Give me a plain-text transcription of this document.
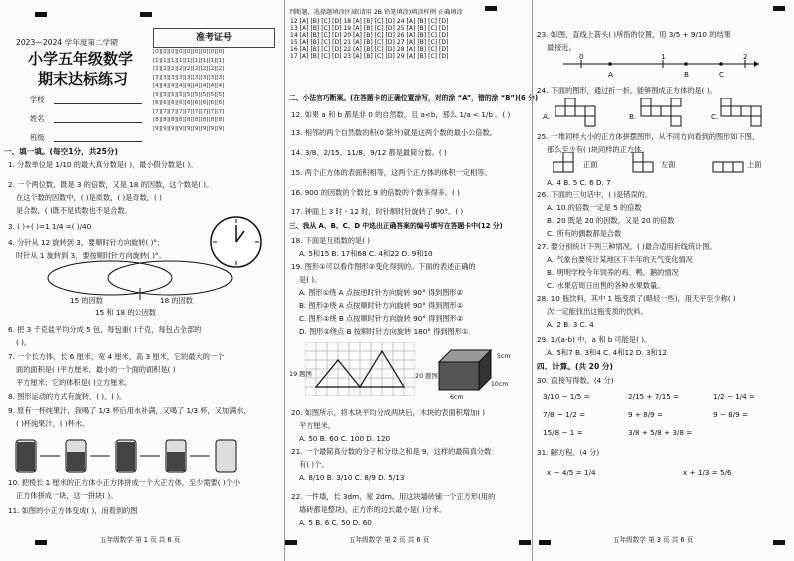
2023—2024 学年度第二学期
小学五年级数学
期末达标练习
学校
姓名
班级
准考证号
[0][0][0][0][0][0][0][0][0]
[1][1][1][1][1][1][1][1][1]
[2][2][2][2][2][2][2][2][2]
[3][3][3][3][3][3][3][3][3]
[4][4][4][4][4][4][4][4][4]
[5][5][5][5][5][5][5][5][5]
[6][6][6][6][6][6][6][6][6]
[7][7][7][7][7][7][7][7][7]
[8][8][8][8][8][8][8][8][8]
[9][9][9][9][9][9][9][9][9]
一、填一填。(每空1分，共25分)
1. 分数单位是 1/10 的最大真分数是( )，最小假分数是( )。
2. 一个两位数，既是 3 的倍数，又是 18 的因数，这个数是( )。
在这个数的因数中，( )是质数，( )是奇数，( )
是合数，( )既不是质数也不是合数。
3. ( )÷( )=1 1/4 =( )/40
4. 分针从 12 旋转到 3，要顺时针方向旋转( )°；
时针从 1 旋转到 3，要按顺时针方向旋转( )°。
15 的因数	18 的因数
15 和 18 的公因数
6. 把 3 千克盐平均分成 5 包，每包重( )千克，每包占全部的
( )。
7. 一个长方体，长 6 厘米，宽 4 厘米，高 3 厘米，它的最大的一个
面的面积是( )平方厘米，最小的一个面的面积是( )
平方厘米；它的体积是( )立方厘米。
8. 图形运动的方式有旋转、( )、( )。
9. 原有一杯纯果汁，我喝了 1/3 杯后用水补满，又喝了 1/3 杯，又加满水，
( )杯纯果汁，( )杯水。
10. 把棱长 1 厘米的正方体小正方体拼成一个大正方体，至少需要( )个小
正方体拼成一块，这一拼块( )。
11. 如图的小正方体变成( )，而看到的图
五年级数学 第 1 页 共 6 页
判断题，选择题填涂区域(请用 2B 铅笔填涂)填涂样例 正确填涂
12	[A]	[B]	[C]	[D]	18	[A]	[B]	[C]	[D]	24	[A]	[B]	[C]	[D]
13	[A]	[B]	[C]	[D]	19	[A]	[B]	[C]	[D]	25	[A]	[B]	[C]	[D]
14	[A]	[B]	[C]	[D]	20	[A]	[B]	[C]	[D]	26	[A]	[B]	[C]	[D]
15	[A]	[B]	[C]	[D]	21	[A]	[B]	[C]	[D]	27	[A]	[B]	[C]	[D]
16	[A]	[B]	[C]	[D]	22	[A]	[B]	[C]	[D]	28	[A]	[B]	[C]	[D]
17	[A]	[B]	[C]	[D]	23	[A]	[B]	[C]	[D]	29	[A]	[B]	[C]	[D]
二、小法官巧断案。(在答题卡的正确位置涂写，对的涂 “A”，错的涂 “B”)(6 分)
12. 如果 a 和 b 都是非 0 的自然数，且 a<b，那么 1/a < 1/b 。( )
13. 相邻的两个自然数的积(0 除外)就是这两个数的最小公倍数。
14. 3/8、2/15、11/8、9/12 都是最简分数。( )
15. 两个正方体的表面积相等，这两个正方体的体积一定相等。
16. 900 的因数的个数比 9 的倍数的个数多得多。( )
17. 钟面上 3 时 - 12 时，时针顺时针旋转了 90°。( )
三、我从 A、B、C、D 中选出正确答案的编号填写在答题卡中(12 分)
18. 下面是互质数的是( )
A. 5和15 B. 17和68 C. 4和22 D. 9和10
19. 图形①可以看作图形②变化得到的。下面的表述正确的
是( )。
A. 图形①绕 A 点按逆时针方向旋转 90° 得到图形②
B. 图形②绕 A 点按顺时针方向旋转 90° 得到图形①
C. 图形①绕 B 点按顺时针方向旋转 90° 得到图形②
D. 图形②绕点 B 按顺时针方向旋转 180° 得到图形①
19 题图	20 题图
5cm
6cm
10cm
20. 如图所示，将木块平均分成两块后，木块的表面积增加( )
平方厘米。
A. 50 B. 60 C. 100 D. 120
21. 一个最简真分数的分子和分母之和是 9，这样的最简真分数
有( )个。
A. 8/10 B. 3/10 C. 8/9 D. 5/13
22. 一件墙，长 3dm，宽 2dm。用这块墙砖铺一个正方形(用的
墙砖都是整块)，正方形的边长最小是( )分米。
A. 5 B. 6 C. 50 D. 60
五年级数学 第 2 页 共 6 页
23. 如图，直线上箭头( )所指的位置，用 3/5 + 9/10 的结果
最接近。
0
A
1
B	C
2
24. 下面的图形，通过折一折，能够围成正方体的是( )。
A.	B.	C.
25. 一堆同样大小的正方体拼摆图形，从不同方向看到的图形如下图，
那么至少有( )块同样的正方体。
正面	左面	上面
A. 4 B. 5 C. 6 D. 7
26. 下面的三句话中，( )是错误的。
A. 10 的倍数一定是 5 的倍数
B. 20 既是 20 的因数，又是 20 的倍数
C. 所有的偶数都是合数
27. 要分别统计下列三种情况，( )最合适用折线统计图。
A. 气象台要统计某地区下半年的天气变化情况
B. 明明学校今年饲养的鸡、鸭、鹅的情况
C. 水果店周日出售的各种水果数量。
28. 10 瓶饮料，其中 1 瓶变质了(略轻一些)，用天平至少称( )
次一定能找出这瓶变质的饮料。
A. 2 B. 3 C. 4
29. 1/(a-b) 中，a 和 b 可能是( )。
A. 5和7 B. 3和4 C. 4和12 D. 3和12
四、计算。(共 20 分)
30. 直接写得数。(4 分)
3/10 − 1/5 =	2/15 + 7/15 =	1/2 − 1/4 =
7/8 − 1/2 =	9 + 8/9 =	9 − 8/9 =
15/8 − 1 =	3/8 + 5/8 + 3/8 =
31. 解方程。(4 分)
x − 4/5 = 1/4	x + 1/3 = 5/6
五年级数学 第 3 页 共 6 页
